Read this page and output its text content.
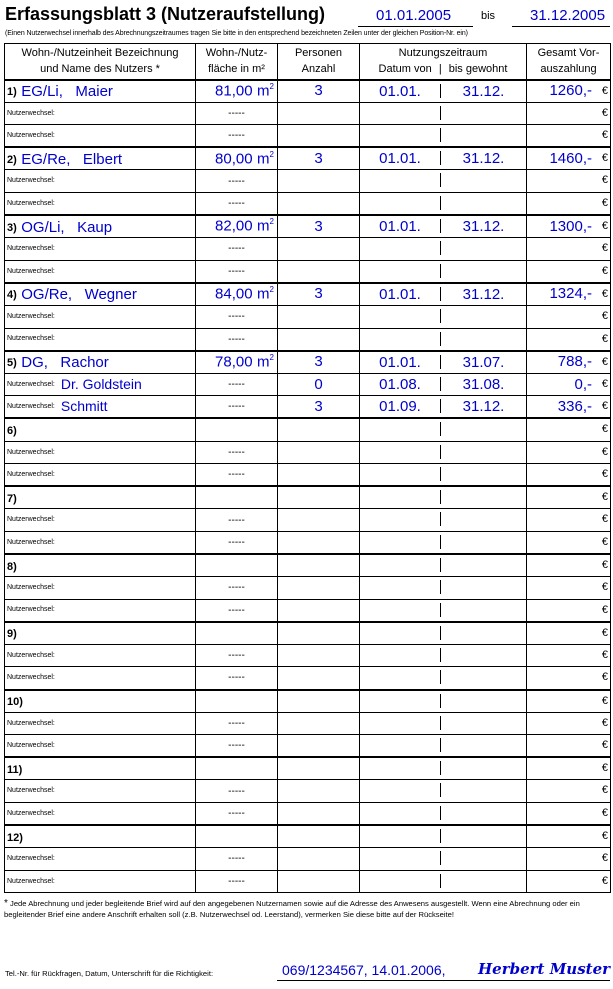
Erfassungsblatt 3 (Nutzeraufstellung)	01.01.2005	bis 31.12.2005
(Einen Nutzerwechsel innerhalb des Abrechnungszeitraumes tragen Sie bitte in den entsprechend bezeichneten Zeilen unter der gleichen Position-Nr. ein)
Wohn-/Nutzeinheit Bezeichnung und Name des Nutzers *	Wohn-/Nutz- fläche in m²	Personen Anzahl	Nutzungszeitraum
Datum von | bis gewohnt	Gesamt Vor- auszahlung
1) EG/Li,   Maier	81,00 $m^2$	3	01.01. 31.12.	1260,- €

Nutzerwechsel:	-----			€

Nutzerwechsel:	-----			€

2) EG/Re,   Elbert	80,00 $m^2$	3	01.01. 31.12.	1460,- €

Nutzerwechsel:	-----			€

Nutzerwechsel:	-----			€

3) OG/Li,   Kaup	82,00 $m^2$	3	01.01. 31.12.	1300,- €

Nutzerwechsel:	-----			€

Nutzerwechsel:	-----			€

4) OG/Re,   Wegner	84,00 $m^2$	3	01.01. 31.12.	1324,- €

Nutzerwechsel:	-----			€

Nutzerwechsel:	-----			€

5) DG,   Rachor	78,00 $m^2$	3	01.01. 31.07.	788,- €

Nutzerwechsel: Dr. Goldstein	-----	0	01.08. 31.08.	0,- €

Nutzerwechsel: Schmitt	-----	3	01.09. 31.12.	336,- €

6)				€

Nutzerwechsel:	-----			€

Nutzerwechsel:	-----			€

7)				€

Nutzerwechsel:	-----			€

Nutzerwechsel:	-----			€

8)				€

Nutzerwechsel:	-----			€

Nutzerwechsel:	-----			€

9)				€

Nutzerwechsel:	-----			€

Nutzerwechsel:	-----			€

10)				€

Nutzerwechsel:	-----			€

Nutzerwechsel:	-----			€

11)				€

Nutzerwechsel:	-----			€

Nutzerwechsel:	-----			€

12)				€

Nutzerwechsel:	-----			€

Nutzerwechsel:	-----			€
* Jede Abrechnung und jeder begleitende Brief wird auf den angegebenen Nutzernamen sowie auf die Adresse des Anwesens ausgestellt. Wenn eine Abrechnung oder ein begleitender Brief eine andere Anschrift erhalten soll (z.B. Nutzerwechsel od. Leerstand), vermerken Sie diese bitte auf der Rückseite!
Tel.-Nr. für Rückfragen, Datum, Unterschrift für die Richtigkeit:	069/1234567, 14.01.2006, Herbert Muster
